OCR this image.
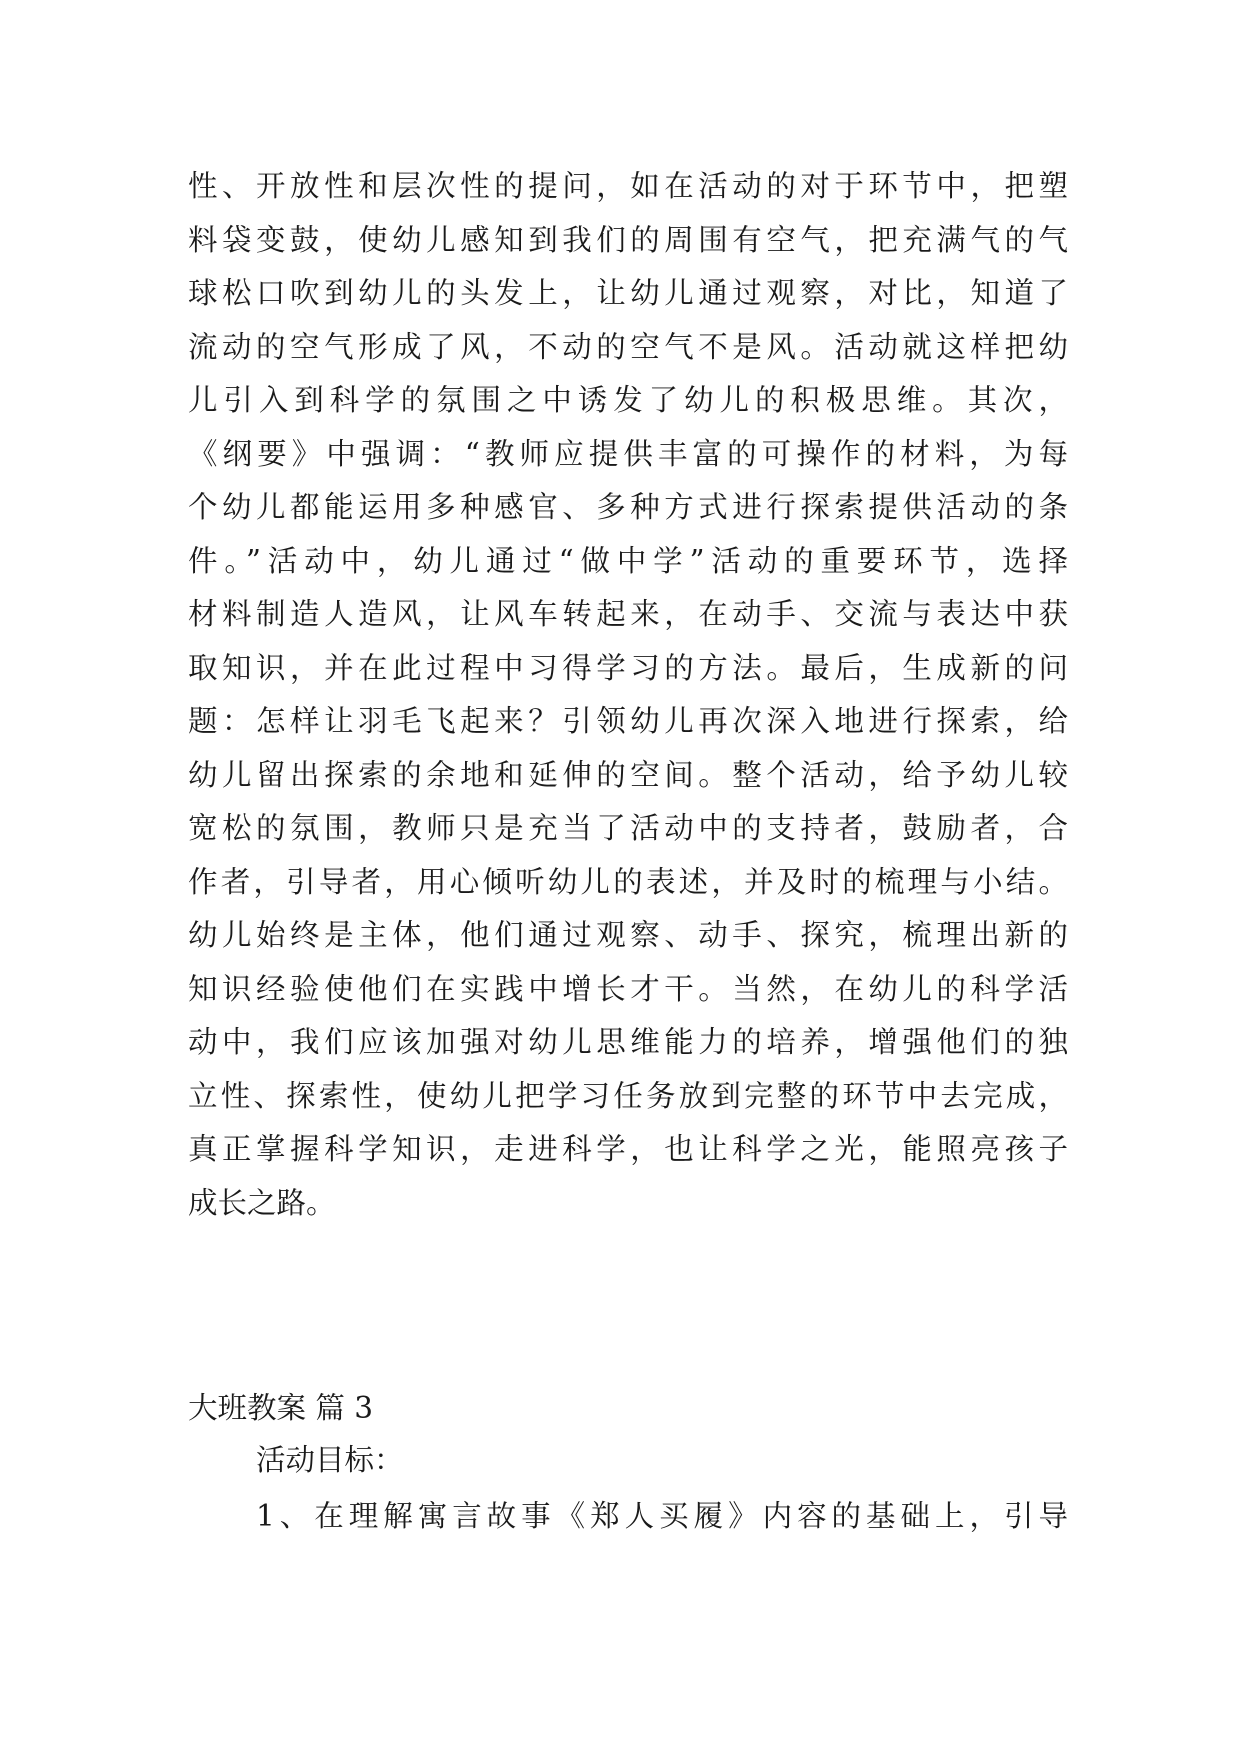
性、开放性和层次性的提问，如在活动的对于环节中，把塑
料袋变鼓，使幼儿感知到我们的周围有空气，把充满气的气
球松口吹到幼儿的头发上，让幼儿通过观察，对比，知道了
流动的空气形成了风，不动的空气不是风。活动就这样把幼
儿引入到科学的氛围之中诱发了幼儿的积极思维。其次，
《纲要》中强调：“教师应提供丰富的可操作的材料，为每
个幼儿都能运用多种感官、多种方式进行探索提供活动的条
件。”活动中，幼儿通过“做中学”活动的重要环节，选择
材料制造人造风，让风车转起来，在动手、交流与表达中获
取知识，并在此过程中习得学习的方法。最后，生成新的问
题：怎样让羽毛飞起来？引领幼儿再次深入地进行探索，给
幼儿留出探索的余地和延伸的空间。整个活动，给予幼儿较
宽松的氛围，教师只是充当了活动中的支持者，鼓励者，合
作者，引导者，用心倾听幼儿的表述，并及时的梳理与小结。
幼儿始终是主体，他们通过观察、动手、探究，梳理出新的
知识经验使他们在实践中增长才干。当然，在幼儿的科学活
动中，我们应该加强对幼儿思维能力的培养，增强他们的独
立性、探索性，使幼儿把学习任务放到完整的环节中去完成，
真正掌握科学知识，走进科学，也让科学之光，能照亮孩子
成长之路。
大班教案 篇 3
活动目标：
1、在理解寓言故事《郑人买履》内容的基础上，引导
